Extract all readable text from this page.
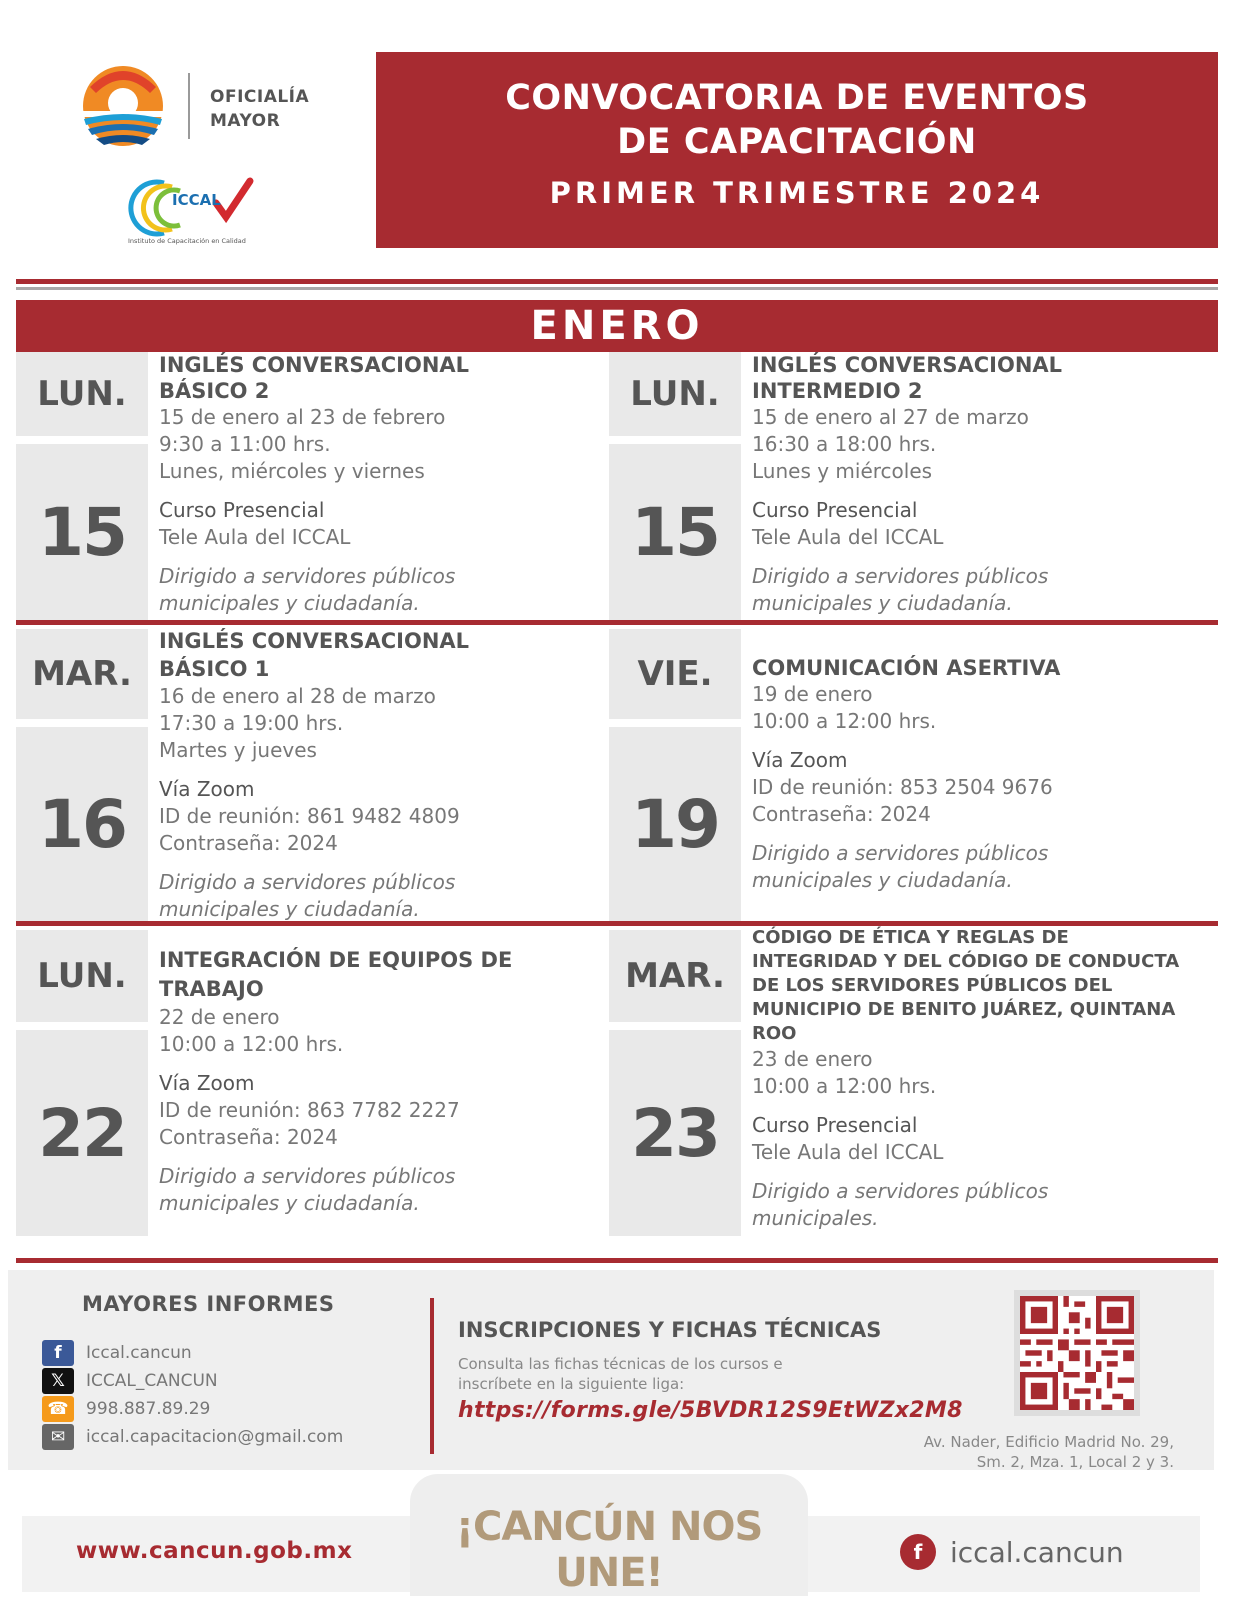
OFICIALÍA
MAYOR
ICCAL
Instituto de Capacitación en Calidad
CONVOCATORIA DE EVENTOS
DE CAPACITACIÓN
PRIMER TRIMESTRE 2024
ENERO
LUN.
15
INGLÉS CONVERSACIONAL BÁSICO 2
15 de enero al 23 de febrero
9:30 a 11:00 hrs.
Lunes, miércoles y viernes
Curso Presencial
Tele Aula del ICCAL
Dirigido a servidores públicos municipales y ciudadanía.
LUN.
15
INGLÉS CONVERSACIONAL INTERMEDIO 2
15 de enero al 27 de marzo
16:30 a 18:00 hrs.
Lunes y miércoles
Curso Presencial
Tele Aula del ICCAL
Dirigido a servidores públicos municipales y ciudadanía.
MAR.
16
INGLÉS CONVERSACIONAL BÁSICO 1
16 de enero al 28 de marzo
17:30 a 19:00 hrs.
Martes y jueves
Vía Zoom
ID de reunión: 861 9482 4809
Contraseña: 2024
Dirigido a servidores públicos municipales y ciudadanía.
VIE.
19
COMUNICACIÓN ASERTIVA
19 de enero
10:00 a 12:00 hrs.
Vía Zoom
ID de reunión: 853 2504 9676
Contraseña: 2024
Dirigido a servidores públicos municipales y ciudadanía.
LUN.
22
INTEGRACIÓN DE EQUIPOS DE TRABAJO
22 de enero
10:00 a 12:00 hrs.
Vía Zoom
ID de reunión: 863 7782 2227
Contraseña: 2024
Dirigido a servidores públicos municipales y ciudadanía.
MAR.
23
CÓDIGO DE ÉTICA Y REGLAS DE INTEGRIDAD Y DEL CÓDIGO DE CONDUCTA DE LOS SERVIDORES PÚBLICOS DEL MUNICIPIO DE BENITO JUÁREZ, QUINTANA ROO
23 de enero
10:00 a 12:00 hrs.
Curso Presencial
Tele Aula del ICCAL
Dirigido a servidores públicos municipales.
MAYORES INFORMES
f	Iccal.cancun
𝕏	ICCAL_CANCUN
☎	998.887.89.29
✉	iccal.capacitacion@gmail.com
INSCRIPCIONES Y FICHAS TÉCNICAS
Consulta las fichas técnicas de los cursos e inscríbete en la siguiente liga:
https://forms.gle/5BVDR12S9EtWZx2M8
Av. Nader, Edificio Madrid No. 29,
Sm. 2, Mza. 1, Local 2 y 3.
www.cancun.gob.mx
¡CANCÚN NOS UNE!	f iccal.cancun
